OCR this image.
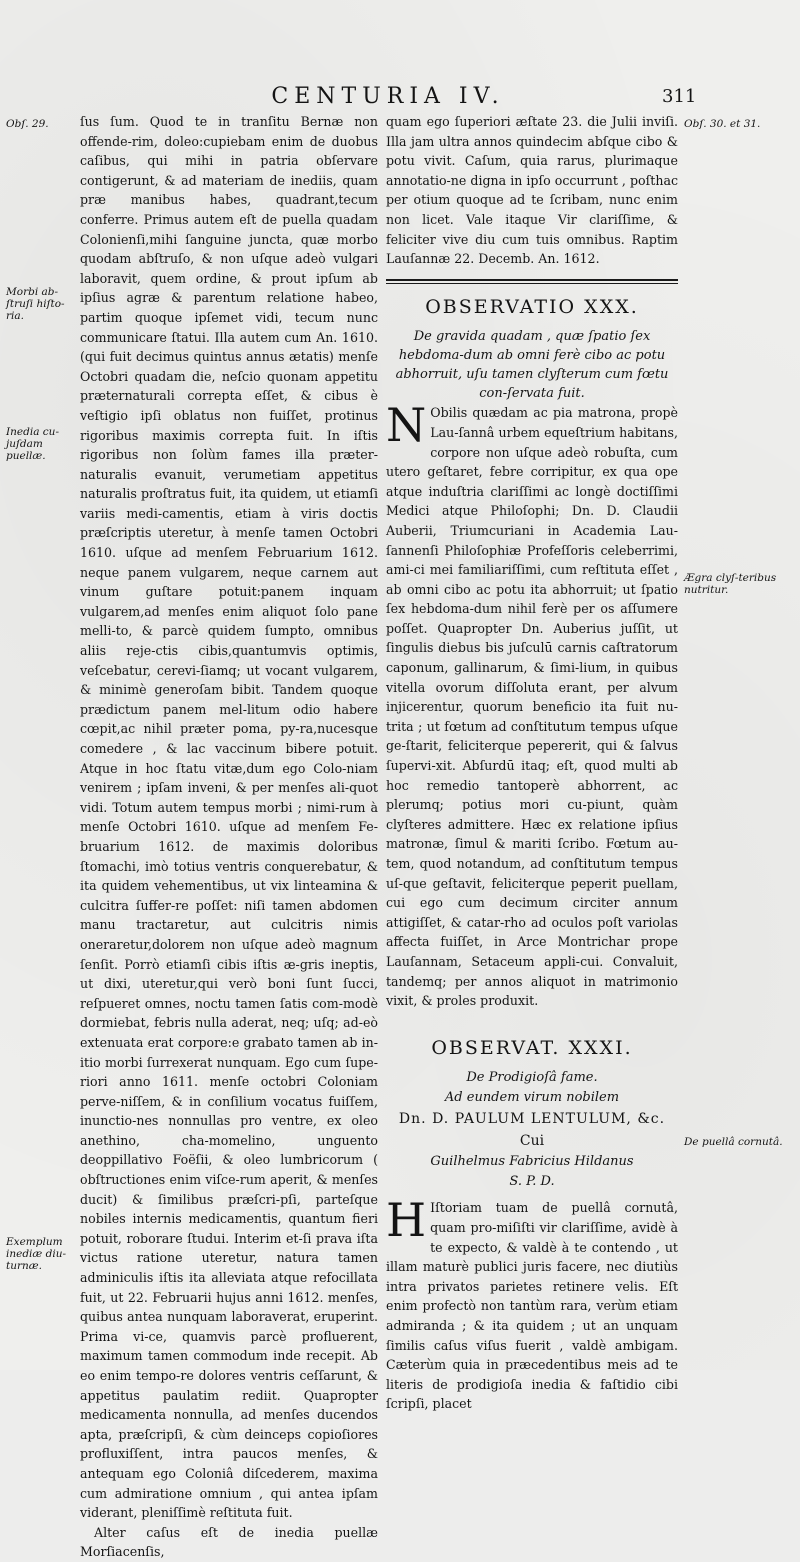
CENTURIA IV.	311
Obſ. 29.
Morbi ab-ſtruſi hiſto-ria.
Inedia cu-juſdam puellæ.
Exemplum inediæ diu-turnæ.
Obſ. 30. et 31.
Ægra clyſ-teribus nutritur.
De puellâ cornutâ.

ſus ſum. Quod te in tranſitu Bernæ non offende-rim, doleo:cupiebam enim de duobus caſibus, qui mihi in patria obſervare contigerunt, & ad materiam de inediis, quam præ manibus habes, quadrant,tecum conferre. Primus autem eſt de puella quadam Colonienſi,mihi ſanguine juncta, quæ morbo quodam abſtruſo, & non uſque adeò vulgari laboravit, quem ordine, & prout ipſum ab ipſius agræ & parentum relatione habeo, partim quoque ipſemet vidi, tecum nunc communicare ſtatui. Illa autem cum An. 1610. (qui fuit decimus quintus annus ætatis) menſe Octobri quadam die, neſcio quonam appetitu præternaturali correpta eſſet, & cibus è veſtigio ipſi oblatus non fuiſſet, protinus rigoribus maximis correpta fuit. In iſtis rigoribus non ſolùm fames illa præter-naturalis evanuit, verumetiam appetitus naturalis proſtratus fuit, ita quidem, ut etiamſi variis medi-camentis, etiam à viris doctis præſcriptis uteretur, à menſe tamen Octobri 1610. uſque ad menſem Februarium 1612. neque panem vulgarem, neque carnem aut vinum guſtare potuit:panem inquam vulgarem,ad menſes enim aliquot ſolo pane melli-to, & parcè quidem ſumpto, omnibus aliis reje-ctis cibis,quantumvis optimis, veſcebatur, cerevi-ſiamq; ut vocant vulgarem, & minimè generoſam bibit. Tandem quoque prædictum panem mel-litum odio habere cœpit,ac nihil præter poma, py-ra,nucesque comedere , & lac vaccinum bibere potuit. Atque in hoc ſtatu vitæ,dum ego Colo-niam venirem ; ipſam inveni, & per menſes ali-quot vidi. Totum autem tempus morbi ; nimi-rum à menſe Octobri 1610. uſque ad menſem Fe-bruarium 1612. de maximis doloribus ſtomachi, imò totius ventris conquerebatur, & ita quidem vehementibus, ut vix linteamina & culcitra ſuffer-re poſſet: niſi tamen abdomen manu tractaretur, aut culcitris nimis oneraretur,dolorem non uſque adeò magnum ſenſit. Porrò etiamſi cibis iſtis æ-gris ineptis, ut dixi, uteretur,qui verò boni ſunt ſucci, reſpueret omnes, noctu tamen ſatis com-modè dormiebat, febris nulla aderat, neq; uſq; ad-eò extenuata erat corpore:e grabato tamen ab in-itio morbi ſurrexerat nunquam. Ego cum ſupe-riori anno 1611. menſe octobri Coloniam perve-niſſem, & in conſilium vocatus fuiſſem, inunctio-nes nonnullas pro ventre, ex oleo anethino, cha-momelino, unguento deoppillativo Foëſii, & oleo lumbricorum ( obſtructiones enim viſce-rum aperit, & menſes ducit) & ſimilibus præſcri-pſi, parteſque nobiles internis medicamentis, quantum fieri potuit, roborare ſtudui. Interim et-ſi prava iſta victus ratione uteretur, natura tamen adminiculis iſtis ita alleviata atque refocillata fuit, ut 22. Februarii hujus anni 1612. menſes, quibus antea nunquam laboraverat, eruperint. Prima vi-ce, quamvis parcè profluerent, maximum tamen commodum inde recepit. Ab eo enim tempo-re dolores ventris ceſſarunt, & appetitus paulatim rediit. Quapropter medicamenta nonnulla, ad menſes ducendos apta, præſcripſi, & cùm deinceps copioſiores profluxiſſent, intra paucos menſes, & antequam ego Coloniâ diſcederem, maxima cum admiratione omnium , qui antea ipſam viderant, pleniſſimè reſtituta fuit.

Alter caſus eſt de inedia puellæ Morſiacenſis,

quam ego ſuperiori æſtate 23. die Julii inviſi. Illa jam ultra annos quindecim abſque cibo & potu vivit. Caſum, quia rarus, plurimaque annotatio-ne digna in ipſo occurrunt , poſthac per otium quoque ad te ſcribam, nunc enim non licet. Vale itaque Vir clariſſime, & feliciter vive diu cum tuis omnibus. Raptim Lauſannæ 22. Decemb. An. 1612.

OBSERVATIO XXX.

De gravida quadam , quæ ſpatio ſex hebdoma-dum ab omni ferè cibo ac potu abhorruit, uſu tamen clyſterum cum fœtu con-ſervata fuit.

N Obilis quædam ac pia matrona, propè Lau-ſannâ urbem equeſtrium habitans, corpore non uſque adeò robuſta, cum utero geſtaret, febre corripitur, ex qua ope atque induſtria clariſſimi ac longè doctiſſimi Medici atque Philoſophi; Dn. D. Claudii Auberii, Triumcuriani in Academia Lau-ſannenſi Philoſophiæ Profeſſoris celeberrimi, ami-ci mei familiariſſimi, cum reſtituta eſſet , ab omni cibo ac potu ita abhorruit; ut ſpatio ſex hebdoma-dum nihil ferè per os aſſumere poſſet. Quapropter Dn. Auberius juſſit, ut ſingulis diebus bis juſculū carnis caſtratorum caponum, gallinarum, & ſimi-lium, in quibus vitella ovorum diſſoluta erant, per alvum injicerentur, quorum beneficio ita fuit nu-trita ; ut fœtum ad conſtitutum tempus uſque ge-ſtarit, feliciterque pepererit, qui & ſalvus ſupervi-xit. Abſurdū itaq; eſt, quod multi ab hoc remedio tantoperè abhorrent, ac plerumq; potius mori cu-piunt, quàm clyſteres admittere. Hæc ex relatione ipſius matronæ, ſimul & mariti ſcribo. Fœtum au-tem, quod notandum, ad conſtitutum tempus uſ-que geſtavit, feliciterque peperit puellam, cui ego cum decimum circiter annum attigiſſet, & catar-rho ad oculos poſt variolas affecta fuiſſet, in Arce Montrichar prope Lauſannam, Setaceum appli-cui. Convaluit, tandemq; per annos aliquot in matrimonio vixit, & proles produxit.

OBSERVAT. XXXI.

De Prodigioſâ fame.

Ad eundem virum nobilem

Dn. D. PAULUM LENTULUM, &c.

Cui

Guilhelmus Fabricius Hildanus

S. P. D.

H Iſtoriam tuam de puellâ cornutâ, quam pro-miſiſti vir clariſſime, avidè à te expecto, & valdè à te contendo , ut illam maturè publici juris facere, nec diutiùs intra privatos parietes retinere velis. Eſt enim profectò non tantùm rara, verùm etiam admiranda ; & ita quidem ; ut an unquam ſimilis caſus viſus fuerit , valdè ambigam. Cæterùm quia in præcedentibus meis ad te literis de prodigioſa inedia & faſtidio cibi ſcripſi, placet
